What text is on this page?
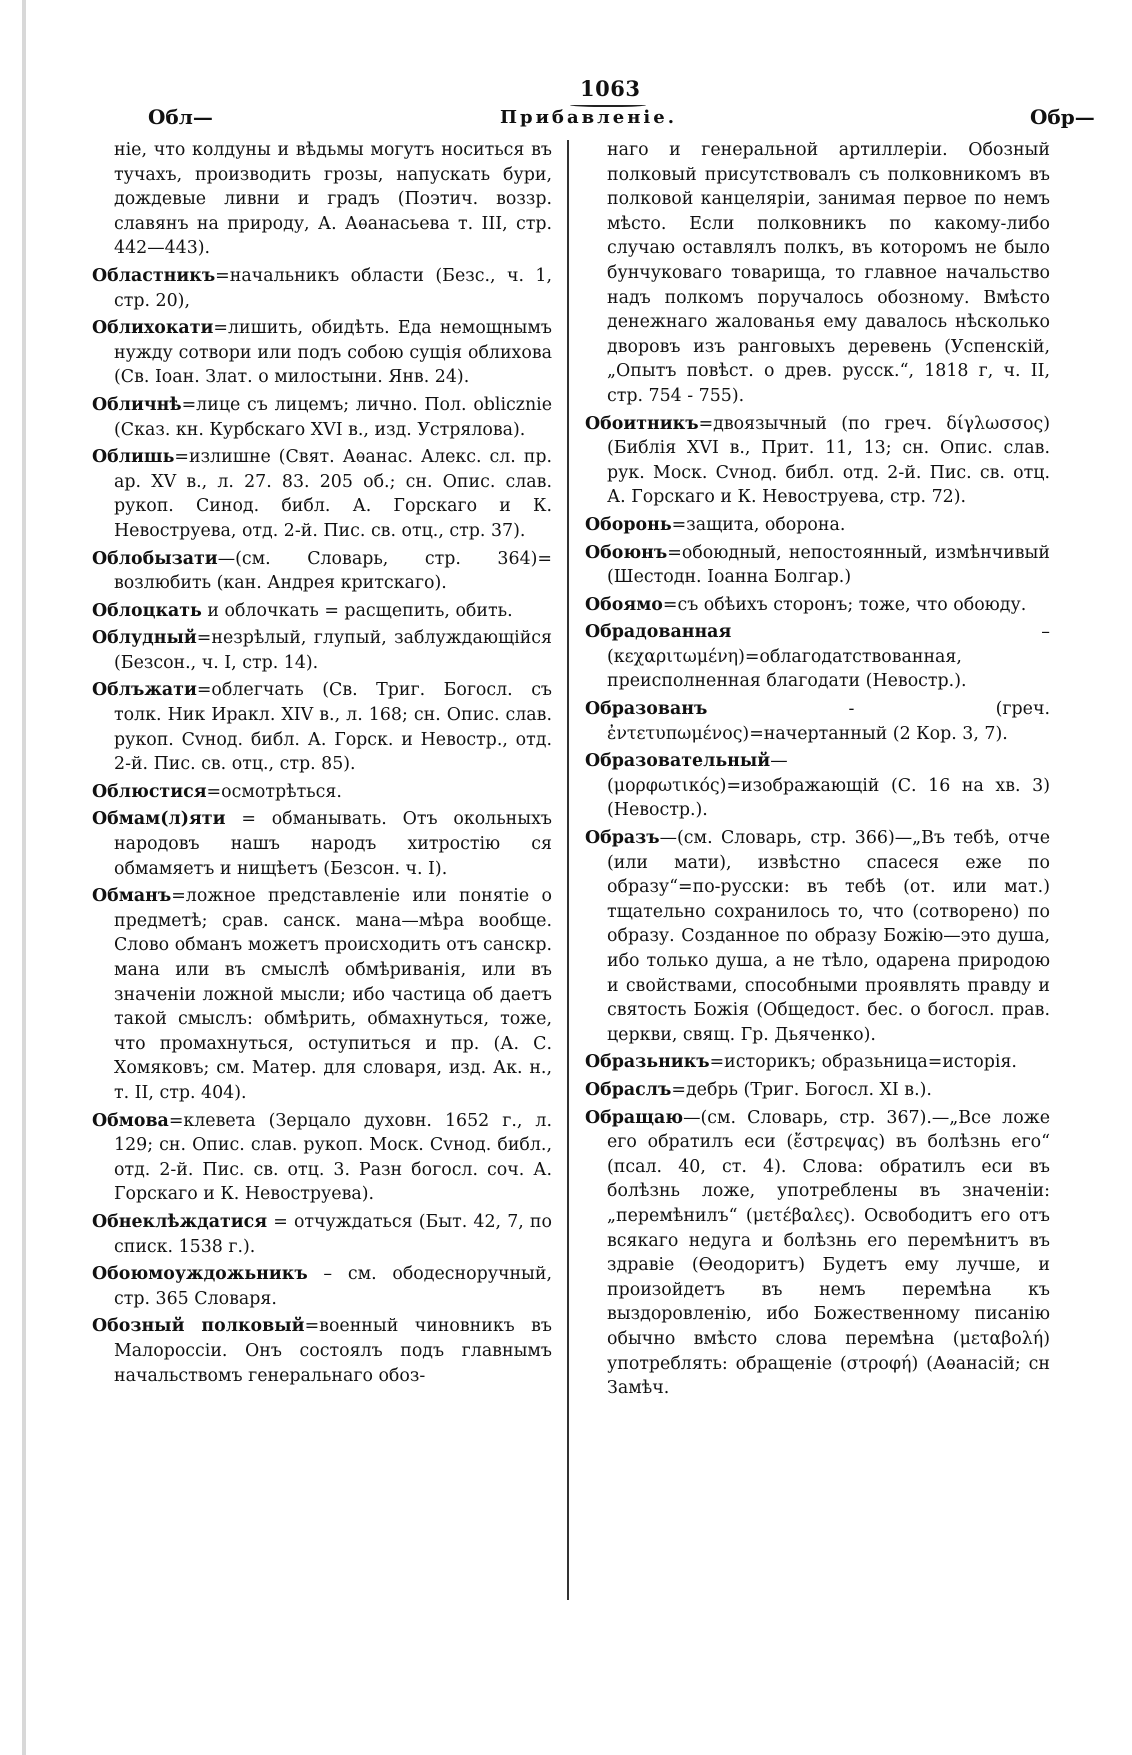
1063
Обл—	Прибавленіе.	Обр—

ніе, что колдуны и вѣдьмы могутъ носиться въ тучахъ, производить грозы, напускать бури, дождевые ливни и градъ (Поэтич. воззр. славянъ на природу, А. Аѳанасьева т. III, стр. 442—443).

Областникъ=начальникъ области (Безс., ч. 1, стр. 20),

Облихокати=лишить, обидѣть. Еда немощнымъ нужду сотвори или подъ собою сущія облихова (Св. Іоан. Злат. о милостыни. Янв. 24).

Обличнѣ=лице съ лицемъ; лично. Пол. obliсznie (Сказ. кн. Курбскаго XVI в., изд. Устрялова).

Облишь=излишне (Свят. Аѳанас. Алекс. сл. пр. ар. XV в., л. 27. 83. 205 об.; сн. Опис. слав. рукоп. Синод. библ. А. Горскаго и К. Невоструева, отд. 2-й. Пис. св. отц., стр. 37).

Облобызати—(см. Словарь, стр. 364)= возлюбить (кан. Андрея критскаго).

Облоцкать и облочкать = расщепить, обить.

Облудный=незрѣлый, глупый, заблуждающійся (Безсон., ч. I, стр. 14).

Облъжати=облегчать (Св. Триг. Богосл. съ толк. Ник Иракл. XIV в., л. 168; сн. Опис. слав. рукоп. Сvнод. библ. А. Горск. и Невостр., отд. 2-й. Пис. св. отц., стр. 85).

Облюстися=осмотрѣться.

Обмам(л)яти = обманывать. Отъ окольныхъ народовъ нашъ народъ хитростію ся обмамяетъ и нищѣетъ (Безсон. ч. I).

Обманъ=ложное представленіе или понятіе о предметѣ; срав. санск. мана—мѣра вообще. Слово обманъ можетъ происходить отъ санскр. мана или въ смыслѣ обмѣриванія, или въ значеніи ложной мысли; ибо частица об даетъ такой смыслъ: обмѣрить, обмахнуться, тоже, что промахнуться, оступиться и пр. (А. С. Хомяковъ; см. Матер. для словаря, изд. Ак. н., т. II, стр. 404).

Обмова=клевета (Зерцало духовн. 1652 г., л. 129; сн. Опис. слав. рукоп. Моск. Сvнод. библ., отд. 2-й. Пис. св. отц. 3. Разн богосл. соч. А. Горскаго и К. Невоструева).

Обнеклѣждатися = отчуждаться (Быт. 42, 7, по списк. 1538 г.).

Обоюмоуждожьникъ – см. ободесноручный, стр. 365 Словаря.

Обозный полковый=военный чиновникъ въ Малороссіи. Онъ состоялъ подъ главнымъ начальствомъ генеральнаго обоз-

наго и генеральной артиллеріи. Обозный полковый присутствовалъ съ полковникомъ въ полковой канцеляріи, занимая первое по немъ мѣсто. Если полковникъ по какому-либо случаю оставлялъ полкъ, въ которомъ не было бунчуковаго товарища, то главное начальство надъ полкомъ поручалось обозному. Вмѣсто денежнаго жалованья ему давалось нѣсколько дворовъ изъ ранговыхъ деревень (Успенскій, „Опытъ повѣст. о древ. русск.“, 1818 г, ч. II, стр. 754 - 755).

Обоитникъ=двоязычный (по греч. δίγλωσσος) (Библія XVI в., Прит. 11, 13; сн. Опис. слав. рук. Моск. Сvнод. библ. отд. 2-й. Пис. св. отц. А. Горскаго и К. Невоструева, стр. 72).

Оборонь=защита, оборона.

Обоюнъ=обоюдный, непостоянный, измѣнчивый (Шестодн. Іоанна Болгар.)

Обоямо=съ обѣихъ сторонъ; тоже, что обоюду.

Обрадованная – (κεχαριτωμένη)=облагодатствованная, преисполненная благодати (Невостр.).

Образованъ - (греч. ἐντετυπωμένος)=начертанный (2 Кор. 3, 7).

Образовательный—(μορφωτικός)=изображающій (С. 16 на хв. 3) (Невостр.).

Образъ—(см. Словарь, стр. 366)—„Въ тебѣ, отче (или мати), извѣстно спасеся еже по образу“=по-русски: въ тебѣ (от. или мат.) тщательно сохранилось то, что (сотворено) по образу. Созданное по образу Божію—это душа, ибо только душа, а не тѣло, одарена природою и свойствами, способными проявлять правду и святость Божія (Общедост. бес. о богосл. прав. церкви, свящ. Гр. Дьяченко).

Образьникъ=историкъ; образьница=исторія.

Обраслъ=дебрь (Триг. Богосл. XI в.).

Обращаю—(см. Словарь, стр. 367).—„Все ложе его обратилъ еси (ἔστρεψας) въ болѣзнь его“ (псал. 40, ст. 4). Слова: обратилъ еси въ болѣзнь ложе, употреблены въ значеніи: „перемѣнилъ“ (μετέβαλες). Освободитъ его отъ всякаго недуга и болѣзнь его перемѣнитъ въ здравіе (Ѳеодоритъ) Будетъ ему лучше, и произойдетъ въ немъ перемѣна къ выздоровленію, ибо Божественному писанію обычно вмѣсто слова перемѣна (μεταβολή) употреблять: обращеніе (στροφή) (Аѳанасій; сн Замѣч.
